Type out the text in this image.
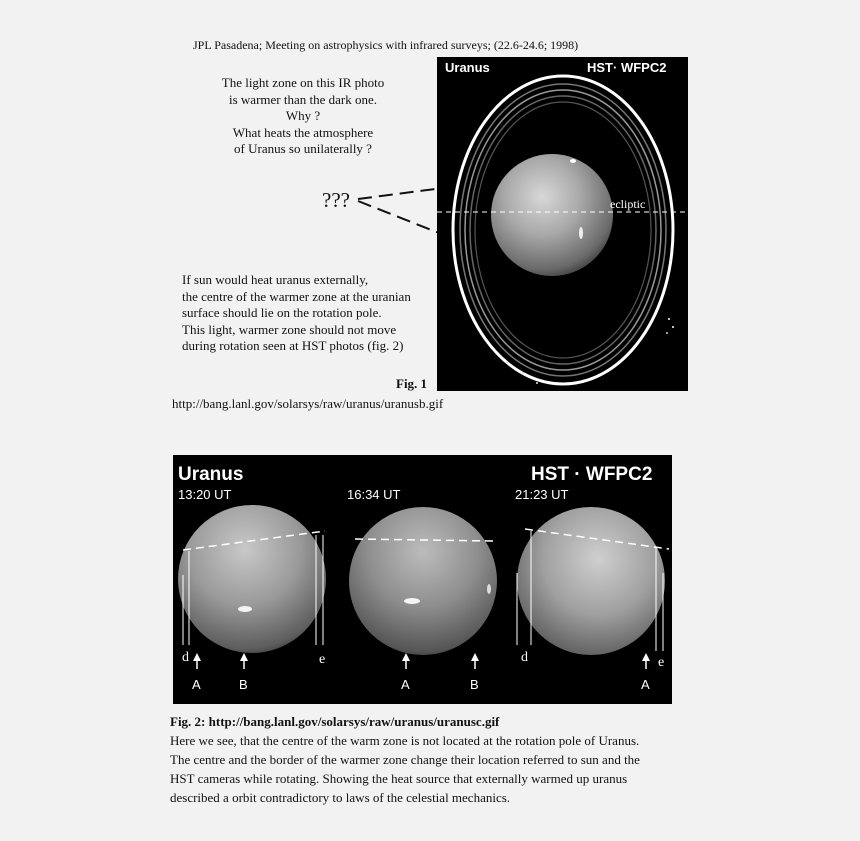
JPL Pasadena; Meeting on astrophysics with infrared surveys; (22.6-24.6; 1998)
The light zone on this IR photo
is warmer than the dark one.
Why ?
What heats the atmosphere
of Uranus so unilaterally ?
???
If sun would heat uranus externally,
the centre of the warmer zone at the uranian
surface should lie on the rotation pole.
This light, warmer zone should not move
during rotation seen at HST photos (fig. 2)
Fig. 1
http://bang.lanl.gov/solarsys/raw/uranus/uranusb.gif
ecliptic
Uranus	HST· WFPC2
Uranus	HST · WFPC2
13:20 UT	16:34 UT	21:23 UT
d	e	d	e
A	B	A	B	A
Fig. 2: http://bang.lanl.gov/solarsys/raw/uranus/uranusc.gif
Here we see, that the centre of the warm zone is not located at the rotation pole of Uranus.
The centre and the border of the warmer zone change their location referred to sun and the
HST cameras while rotating. Showing the heat source that externally warmed up uranus
described a orbit contradictory to laws of the celestial mechanics.
